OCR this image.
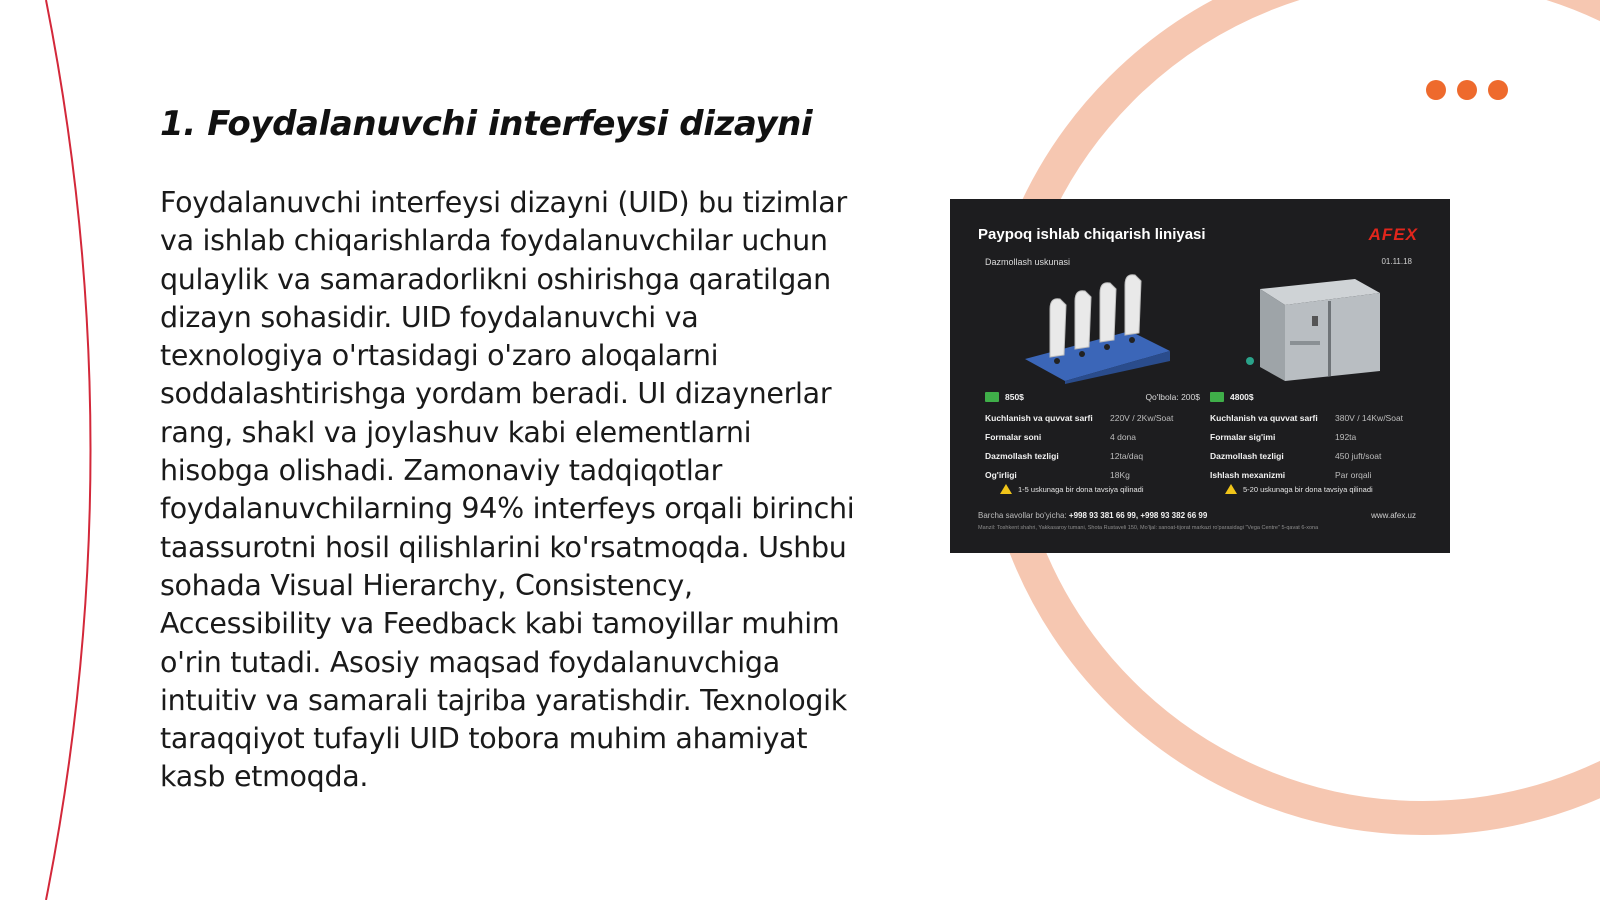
1. Foydalanuvchi interfeysi dizayni

Foydalanuvchi interfeysi dizayni (UID) bu tizimlar va ishlab chiqarishlarda foydalanuvchilar uchun qulaylik va samaradorlikni oshirishga qaratilgan dizayn sohasidir. UID foydalanuvchi va texnologiya o'rtasidagi o'zaro aloqalarni soddalashtirishga yordam beradi. UI dizaynerlar rang, shakl va joylashuv kabi elementlarni hisobga olishadi. Zamonaviy tadqiqotlar foydalanuvchilarning 94% interfeys orqali birinchi taassurotni hosil qilishlarini ko'rsatmoqda. Ushbu sohada Visual Hierarchy, Consistency, Accessibility va Feedback kabi tamoyillar muhim o'rin tutadi. Asosiy maqsad foydalanuvchiga intuitiv va samarali tajriba yaratishdir. Texnologik taraqqiyot tufayli UID tobora muhim ahamiyat kasb etmoqda.

Paypoq ishlab chiqarish liniyasi	AFEX
Dazmollash uskunasi	01.11.18
850$	Qo'lbola: 200$
Kuchlanish va quvvat sarfi	220V / 2Kw/Soat
Formalar soni	4 dona
Dazmollash tezligi	12ta/daq
Og'irligi	18Kg
1-5 uskunaga bir dona tavsiya qilinadi
4800$
Kuchlanish va quvvat sarfi	380V / 14Kw/Soat
Formalar sig'imi	192ta
Dazmollash tezligi	450 juft/soat
Ishlash mexanizmi	Par orqali
5-20 uskunaga bir dona tavsiya qilinadi
Barcha savollar bo'yicha: +998 93 381 66 99, +998 93 382 66 99	www.afex.uz
Manzil: Toshkent shahri, Yakkasaroy tumani, Shota Rustaveli 150, Mo'ljal: sanoat-tijorat markazi ro'parasidagi "Vega Centre" 5-qavat 6-xona
